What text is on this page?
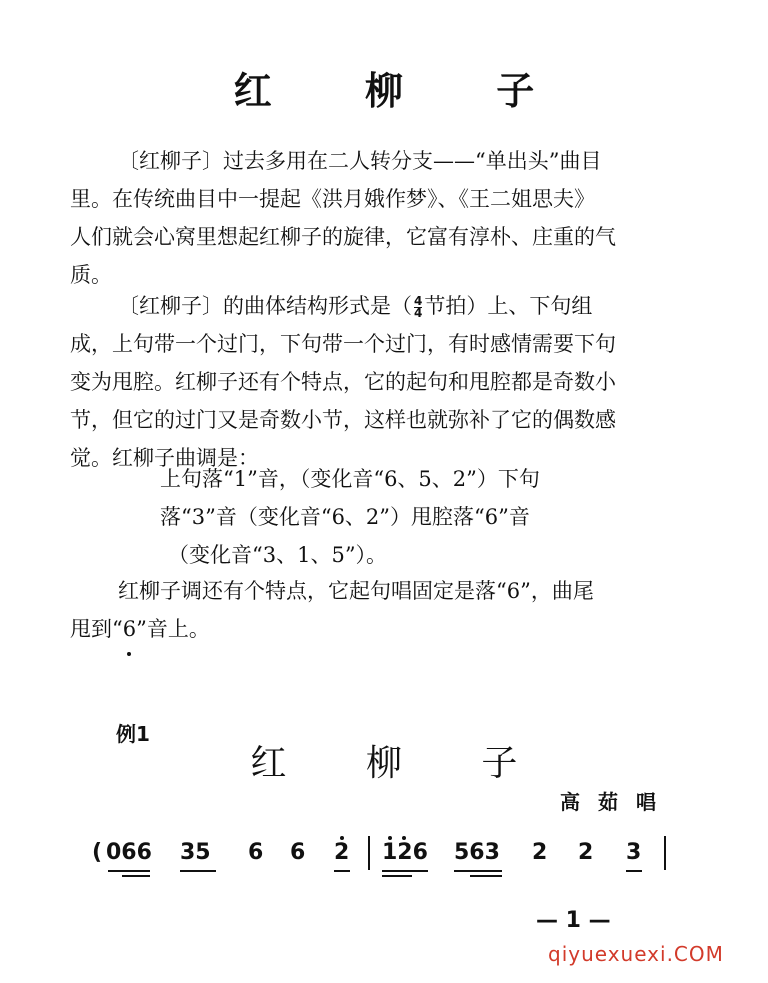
红 柳 子
〔红柳子〕过去多用在二人转分支——“单出头”曲目
里。在传统曲目中一提起《洪月娥作梦》、《王二姐思夫》
人们就会心窝里想起红柳子的旋律，它富有淳朴、庄重的气
质。
〔红柳子〕的曲体结构形式是（ $\frac{4}{4}$ 节拍）上、下句组
成，上句带一个过门，下句带一个过门，有时感情需要下句
变为甩腔。红柳子还有个特点，它的起句和甩腔都是奇数小
节，但它的过门又是奇数小节，这样也就弥补了它的偶数感
觉。红柳子曲调是：
上句落“1”音，（变化音“6、5、2”）下句
落“3”音（变化音“6、2”）甩腔落“6”音
（变化音“3、1、5”）。
红柳子调还有个特点，它起句唱固定是落“6”，曲尾
甩到“6”音上。
例1
红 柳 子
高茹唱
( 066 35 6 6 2 126 563 2 2 3
— 1 —
qiyuexuexi.COM
